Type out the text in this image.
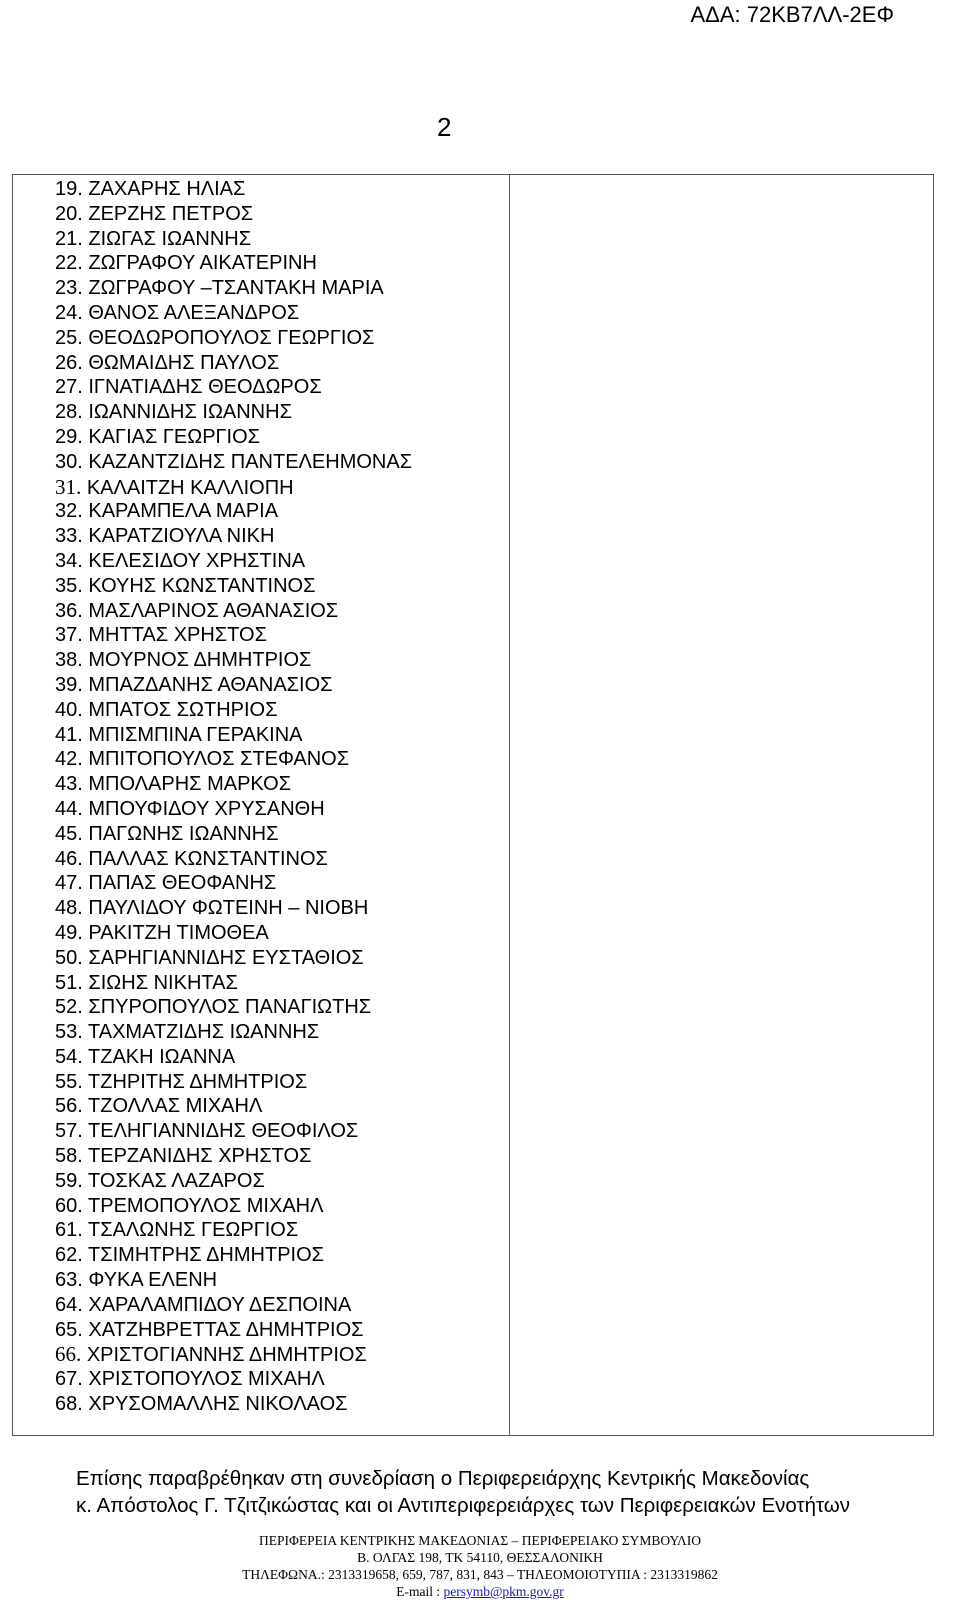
ΑΔΑ: 72ΚΒ7ΛΛ-2ΕΦ
2
19. ΖΑΧΑΡΗΣ ΗΛΙΑΣ
20. ΖΕΡΖΗΣ ΠΕΤΡΟΣ
21. ΖΙΩΓΑΣ ΙΩΑΝΝΗΣ
22. ΖΩΓΡΑΦΟΥ ΑΙΚΑΤΕΡΙΝΗ
23. ΖΩΓΡΑΦΟΥ –ΤΣΑΝΤΑΚΗ ΜΑΡΙΑ
24. ΘΑΝΟΣ ΑΛΕΞΑΝΔΡΟΣ
25. ΘΕΟΔΩΡΟΠΟΥΛΟΣ ΓΕΩΡΓΙΟΣ
26. ΘΩΜΑΙΔΗΣ ΠΑΥΛΟΣ
27. ΙΓΝΑΤΙΑΔΗΣ ΘΕΟΔΩΡΟΣ
28. ΙΩΑΝΝΙΔΗΣ ΙΩΑΝΝΗΣ
29. ΚΑΓΙΑΣ ΓΕΩΡΓΙΟΣ
30. ΚΑΖΑΝΤΖΙΔΗΣ ΠΑΝΤΕΛΕΗΜΟΝΑΣ
31. ΚΑΛΑΙΤΖΗ ΚΑΛΛΙΟΠΗ
32. ΚΑΡΑΜΠΕΛΑ ΜΑΡΙΑ
33. ΚΑΡΑΤΖΙΟΥΛΑ ΝΙΚΗ
34. ΚΕΛΕΣΙΔΟΥ ΧΡΗΣΤΙΝΑ
35. ΚΟΥΗΣ ΚΩΝΣΤΑΝΤΙΝΟΣ
36. ΜΑΣΛΑΡΙΝΟΣ ΑΘΑΝΑΣΙΟΣ
37. ΜΗΤΤΑΣ ΧΡΗΣΤΟΣ
38. ΜΟΥΡΝΟΣ ΔΗΜΗΤΡΙΟΣ
39. ΜΠΑΖΔΑΝΗΣ ΑΘΑΝΑΣΙΟΣ
40. ΜΠΑΤΟΣ ΣΩΤΗΡΙΟΣ
41. ΜΠΙΣΜΠΙΝΑ ΓΕΡΑΚΙΝΑ
42. ΜΠΙΤΟΠΟΥΛΟΣ ΣΤΕΦΑΝΟΣ
43. ΜΠΟΛΑΡΗΣ ΜΑΡΚΟΣ
44. ΜΠΟΥΦΙΔΟΥ ΧΡΥΣΑΝΘΗ
45. ΠΑΓΩΝΗΣ ΙΩΑΝΝΗΣ
46. ΠΑΛΛΑΣ ΚΩΝΣΤΑΝΤΙΝΟΣ
47. ΠΑΠΑΣ ΘΕΟΦΑΝΗΣ
48. ΠΑΥΛΙΔΟΥ ΦΩΤΕΙΝΗ – ΝΙΟΒΗ
49. ΡΑΚΙΤΖΗ ΤΙΜΟΘΕΑ
50. ΣΑΡΗΓΙΑΝΝΙΔΗΣ ΕΥΣΤΑΘΙΟΣ
51. ΣΙΩΗΣ ΝΙΚΗΤΑΣ
52. ΣΠΥΡΟΠΟΥΛΟΣ ΠΑΝΑΓΙΩΤΗΣ
53. ΤΑΧΜΑΤΖΙΔΗΣ ΙΩΑΝΝΗΣ
54. ΤΖΑΚΗ ΙΩΑΝΝΑ
55. ΤΖΗΡΙΤΗΣ ΔΗΜΗΤΡΙΟΣ
56. ΤΖΟΛΛΑΣ ΜΙΧΑΗΛ
57. ΤΕΛΗΓΙΑΝΝΙΔΗΣ ΘΕΟΦΙΛΟΣ
58. ΤΕΡΖΑΝΙΔΗΣ ΧΡΗΣΤΟΣ
59. ΤΟΣΚΑΣ ΛΑΖΑΡΟΣ
60. ΤΡΕΜΟΠΟΥΛΟΣ ΜΙΧΑΗΛ
61. ΤΣΑΛΩΝΗΣ ΓΕΩΡΓΙΟΣ
62. ΤΣΙΜΗΤΡΗΣ ΔΗΜΗΤΡΙΟΣ
63. ΦΥΚΑ ΕΛΕΝΗ
64. ΧΑΡΑΛΑΜΠΙΔΟΥ ΔΕΣΠΟΙΝΑ
65. ΧΑΤΖΗΒΡΕΤΤΑΣ ΔΗΜΗΤΡΙΟΣ
66. ΧΡΙΣΤΟΓΙΑΝΝΗΣ ΔΗΜΗΤΡΙΟΣ
67. ΧΡΙΣΤΟΠΟΥΛΟΣ ΜΙΧΑΗΛ
68. ΧΡΥΣΟΜΑΛΛΗΣ ΝΙΚΟΛΑΟΣ
Επίσης παραβρέθηκαν στη συνεδρίαση ο Περιφερειάρχης Κεντρικής Μακεδονίας
κ. Απόστολος Γ. Τζιτζικώστας και οι Αντιπεριφερειάρχες των Περιφερειακών Ενοτήτων
ΠΕΡΙΦΕΡΕΙΑ ΚΕΝΤΡΙΚΗΣ ΜΑΚΕΔΟΝΙΑΣ – ΠΕΡΙΦΕΡΕΙΑΚΟ ΣΥΜΒΟΥΛΙΟ
Β. ΟΛΓΑΣ 198, ΤΚ 54110, ΘΕΣΣΑΛΟΝΙΚΗ
ΤΗΛΕΦΩΝΑ.: 2313319658, 659, 787, 831, 843 – ΤΗΛΕΟΜΟΙΟΤΥΠΙΑ : 2313319862
E-mail : persymb@pkm.gov.gr
